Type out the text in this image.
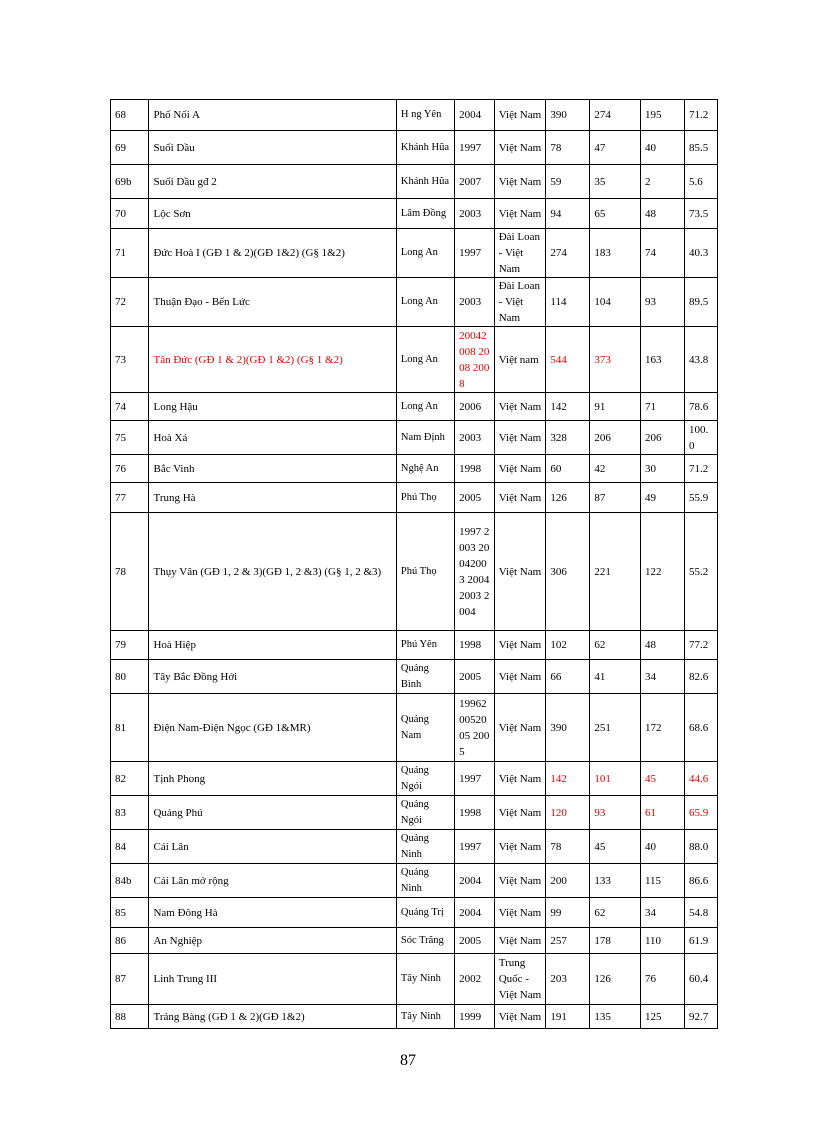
68	Phố Nối A	H ng Yên	2004	Việt Nam	390	274	195	71.2
69	Suối Dầu	Khánh Hũa	1997	Việt Nam	78	47	40	85.5
69b	Suối Dầu gđ 2	Khánh Hũa	2007	Việt Nam	59	35	2	5.6
70	Lộc Sơn	Lâm Đồng	2003	Việt Nam	94	65	48	73.5
71	Đức Hoà I (GĐ 1 & 2)(GĐ 1&2) (G§ 1&2)	Long An	1997	Đài Loan - Việt Nam	274	183	74	40.3
72	Thuận Đạo - Bến Lức	Long An	2003	Đài Loan - Việt Nam	114	104	93	89.5
73	Tân Đức (GĐ 1 & 2)(GĐ 1 &2) (G§ 1 &2)	Long An	20042008 2008 2008	Việt nam	544	373	163	43.8
74	Long Hậu	Long An	2006	Việt Nam	142	91	71	78.6
75	Hoà Xá	Nam Định	2003	Việt Nam	328	206	206	100.0
76	Bắc Vinh	Nghệ An	1998	Việt Nam	60	42	30	71.2
77	Trung Hà	Phú Thọ	2005	Việt Nam	126	87	49	55.9
78	Thụy Vân (GĐ 1, 2 & 3)(GĐ 1, 2 &3) (G§ 1, 2 &3)	Phú Thọ	1997 2003 20042003 2004 2003 2004	Việt Nam	306	221	122	55.2
79	Hoà Hiệp	Phú Yên	1998	Việt Nam	102	62	48	77.2
80	Tây Bắc Đồng Hới	Quảng Bình	2005	Việt Nam	66	41	34	82.6
81	Điện Nam-Điện Ngọc (GĐ 1&MR)	Quảng Nam	1996200520 05 2005	Việt Nam	390	251	172	68.6
82	Tịnh Phong	Quảng Ngói	1997	Việt Nam	142	101	45	44.6
83	Quảng Phú	Quảng Ngói	1998	Việt Nam	120	93	61	65.9
84	Cái Lân	Quảng Ninh	1997	Việt Nam	78	45	40	88.0
84b	Cái Lân mở rộng	Quảng Ninh	2004	Việt Nam	200	133	115	86.6
85	Nam Đông Hà	Quảng Trị	2004	Việt Nam	99	62	34	54.8
86	An Nghiệp	Sóc Trăng	2005	Việt Nam	257	178	110	61.9
87	Linh Trung III	Tây Ninh	2002	Trung Quốc - Việt Nam	203	126	76	60.4
88	Trảng Bàng (GĐ 1 & 2)(GĐ 1&2)	Tây Ninh	1999	Việt Nam	191	135	125	92.7
87
